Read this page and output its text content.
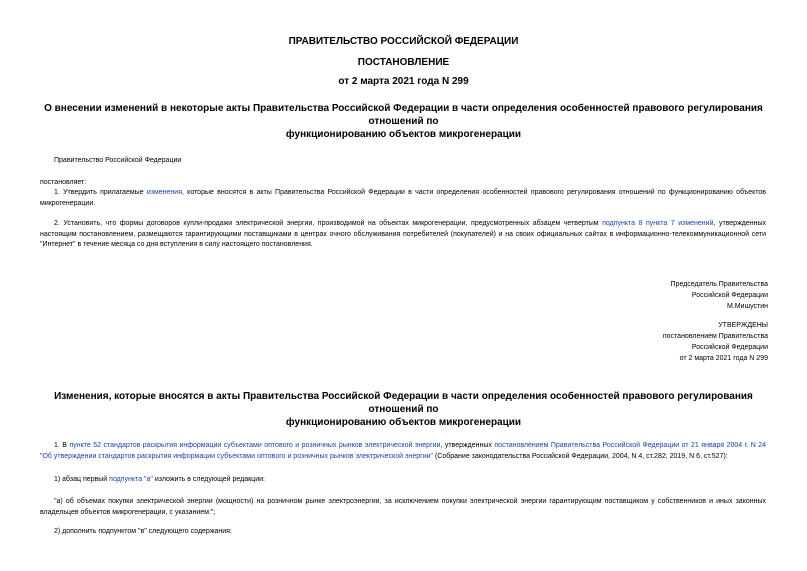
ПРАВИТЕЛЬСТВО РОССИЙСКОЙ ФЕДЕРАЦИИ
ПОСТАНОВЛЕНИЕ
от 2 марта 2021 года N 299
О внесении изменений в некоторые акты Правительства Российской Федерации в части определения особенностей правового регулирования отношений по
функционированию объектов микрогенерации
Правительство Российской Федерации
постановляет:
1. Утвердить прилагаемые изменения, которые вносятся в акты Правительства Российской Федерации в части определения особенностей правового регулирования отношений по функционированию объектов микрогенерации.
2. Установить, что формы договоров купли-продажи электрической энергии, производимой на объектах микрогенерации, предусмотренных абзацем четвертым подпункта 8 пункта 7 изменений, утвержденных настоящим постановлением, размещаются гарантирующими поставщиками в центрах очного обслуживания потребителей (покупателей) и на своих официальных сайтах в информационно-телекоммуникационной сети "Интернет" в течение месяца со дня вступления в силу настоящего постановления.
Председатель Правительства
Российской Федерации
М.Мишустин
УТВЕРЖДЕНЫ
постановлением Правительства
Российской Федерации
от 2 марта 2021 года N 299
Изменения, которые вносятся в акты Правительства Российской Федерации в части определения особенностей правового регулирования отношений по
функционированию объектов микрогенерации
1. В пункте 52 стандартов раскрытия информации субъектами оптового и розничных рынков электрической энергии, утвержденных постановлением Правительства Российской Федерации от 21 января 2004 г. N 24 "Об утверждении стандартов раскрытия информации субъектами оптового и розничных рынков электрической энергии" (Собрание законодательства Российской Федерации, 2004, N 4, ст.282; 2019, N 6, ст.527):
1) абзац первый подпункта "а" изложить в следующей редакции:
"а) об объемах покупки электрической энергии (мощности) на розничном рынке электроэнергии, за исключением покупки электрической энергии гарантирующим поставщиком у собственников и иных законных владельцев объектов микрогенерации, с указанием:";
2) дополнить подпунктом "в" следующего содержания:
